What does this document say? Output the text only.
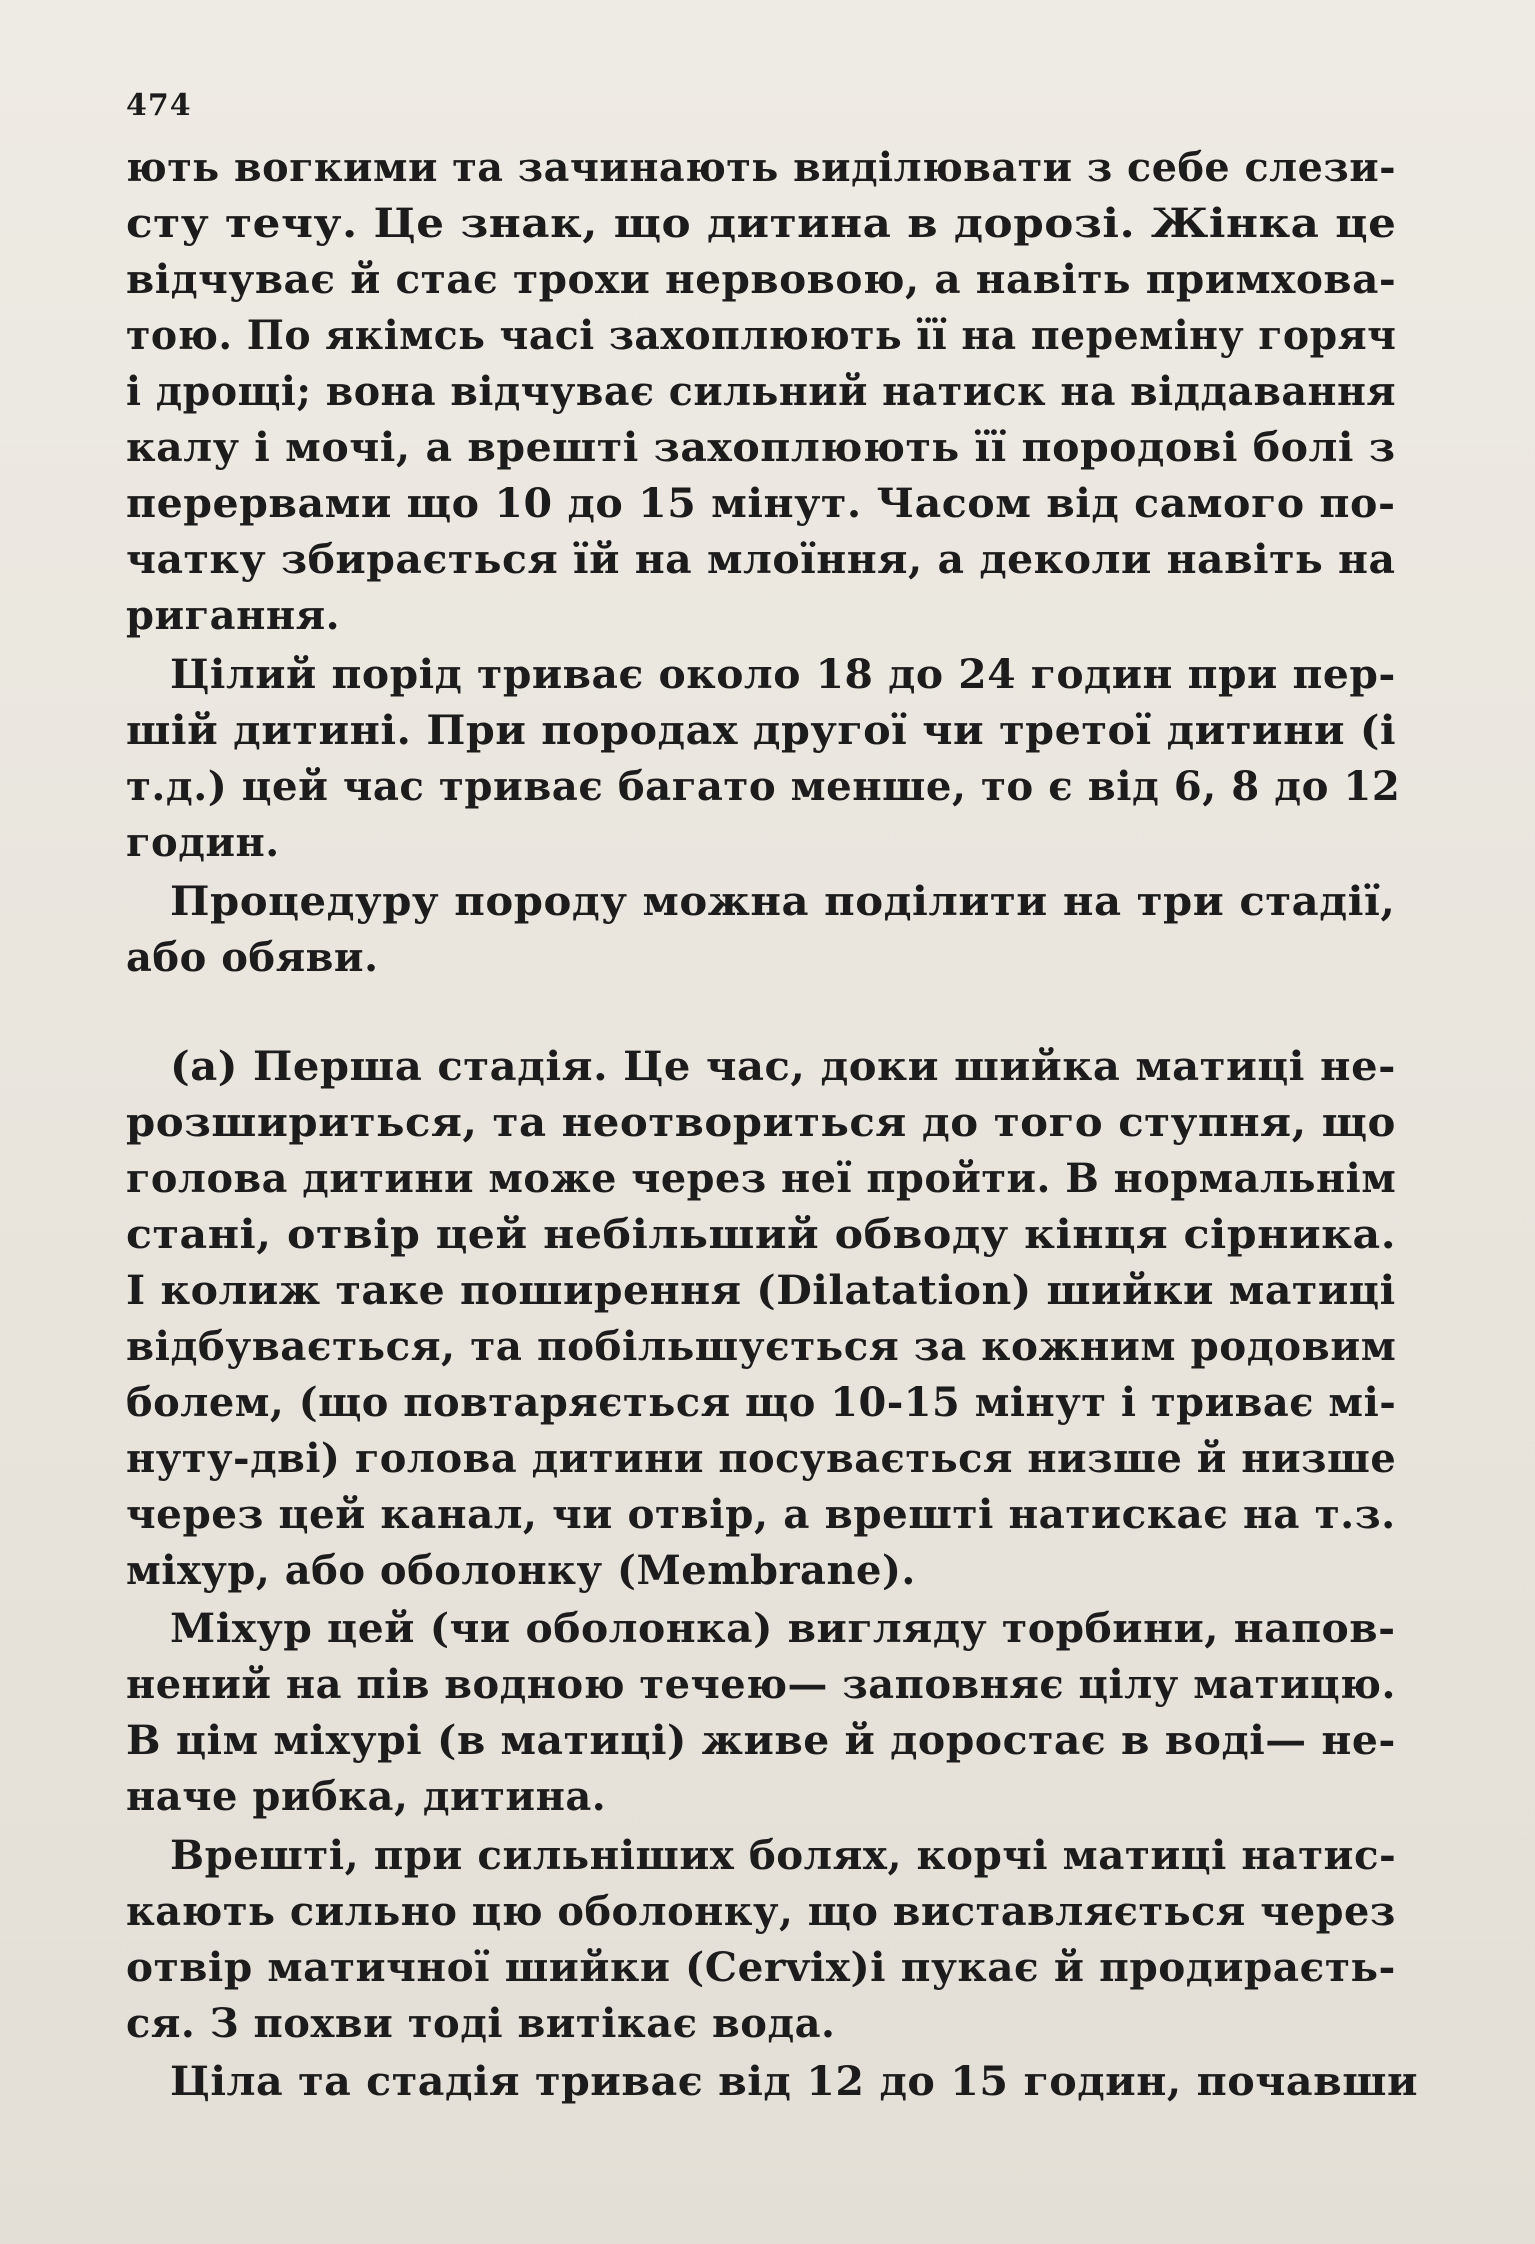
474
ють вогкими та зачинають виділювати з себе слези-
сту течу. Це знак, що дитина в дорозі. Жінка це
відчуває й стає трохи нервовою, а навіть примхова-
тою. По якімсь часі захоплюють її на переміну горяч
і дрощі; вона відчуває сильний натиск на віддавання
калу і мочі, а врешті захоплюють її породові болі з
перервами що 10 до 15 мінут. Часом від самого по-
чатку збирається їй на млоїння, а деколи навіть на
ригання.
Цілий порід триває около 18 до 24 годин при пер-
шій дитині. При породах другої чи третої дитини (і
т.д.) цей час триває багато менше, то є від 6, 8 до 12
годин.
Процедуру породу можна поділити на три стадії,
або обяви.
(а) Перша стадія. Це час, доки шийка матиці не-
розшириться, та неотвориться до того ступня, що
голова дитини може через неї пройти. В нормальнім
стані, отвір цей небільший обводу кінця сірника.
І колиж таке поширення (Dilatation) шийки матиці
відбувається, та побільшується за кожним родовим
болем, (що повтаряється що 10-15 мінут і триває мі-
нуту-дві) голова дитини посувається низше й низше
через цей канал, чи отвір, а врешті натискає на т.з.
міхур, або оболонку (Membrane).
Міхур цей (чи оболонка) вигляду торбини, напов-
нений на пів водною течею— заповняє цілу матицю.
В цім міхурі (в матиці) живе й доростає в воді— не-
наче рибка, дитина.
Врешті, при сильніших болях, корчі матиці натис-
кають сильно цю оболонку, що виставляється через
отвір матичної шийки (Cervix)і пукає й продираєть-
ся. З похви тоді витікає вода.
Ціла та стадія триває від 12 до 15 годин, почавши
